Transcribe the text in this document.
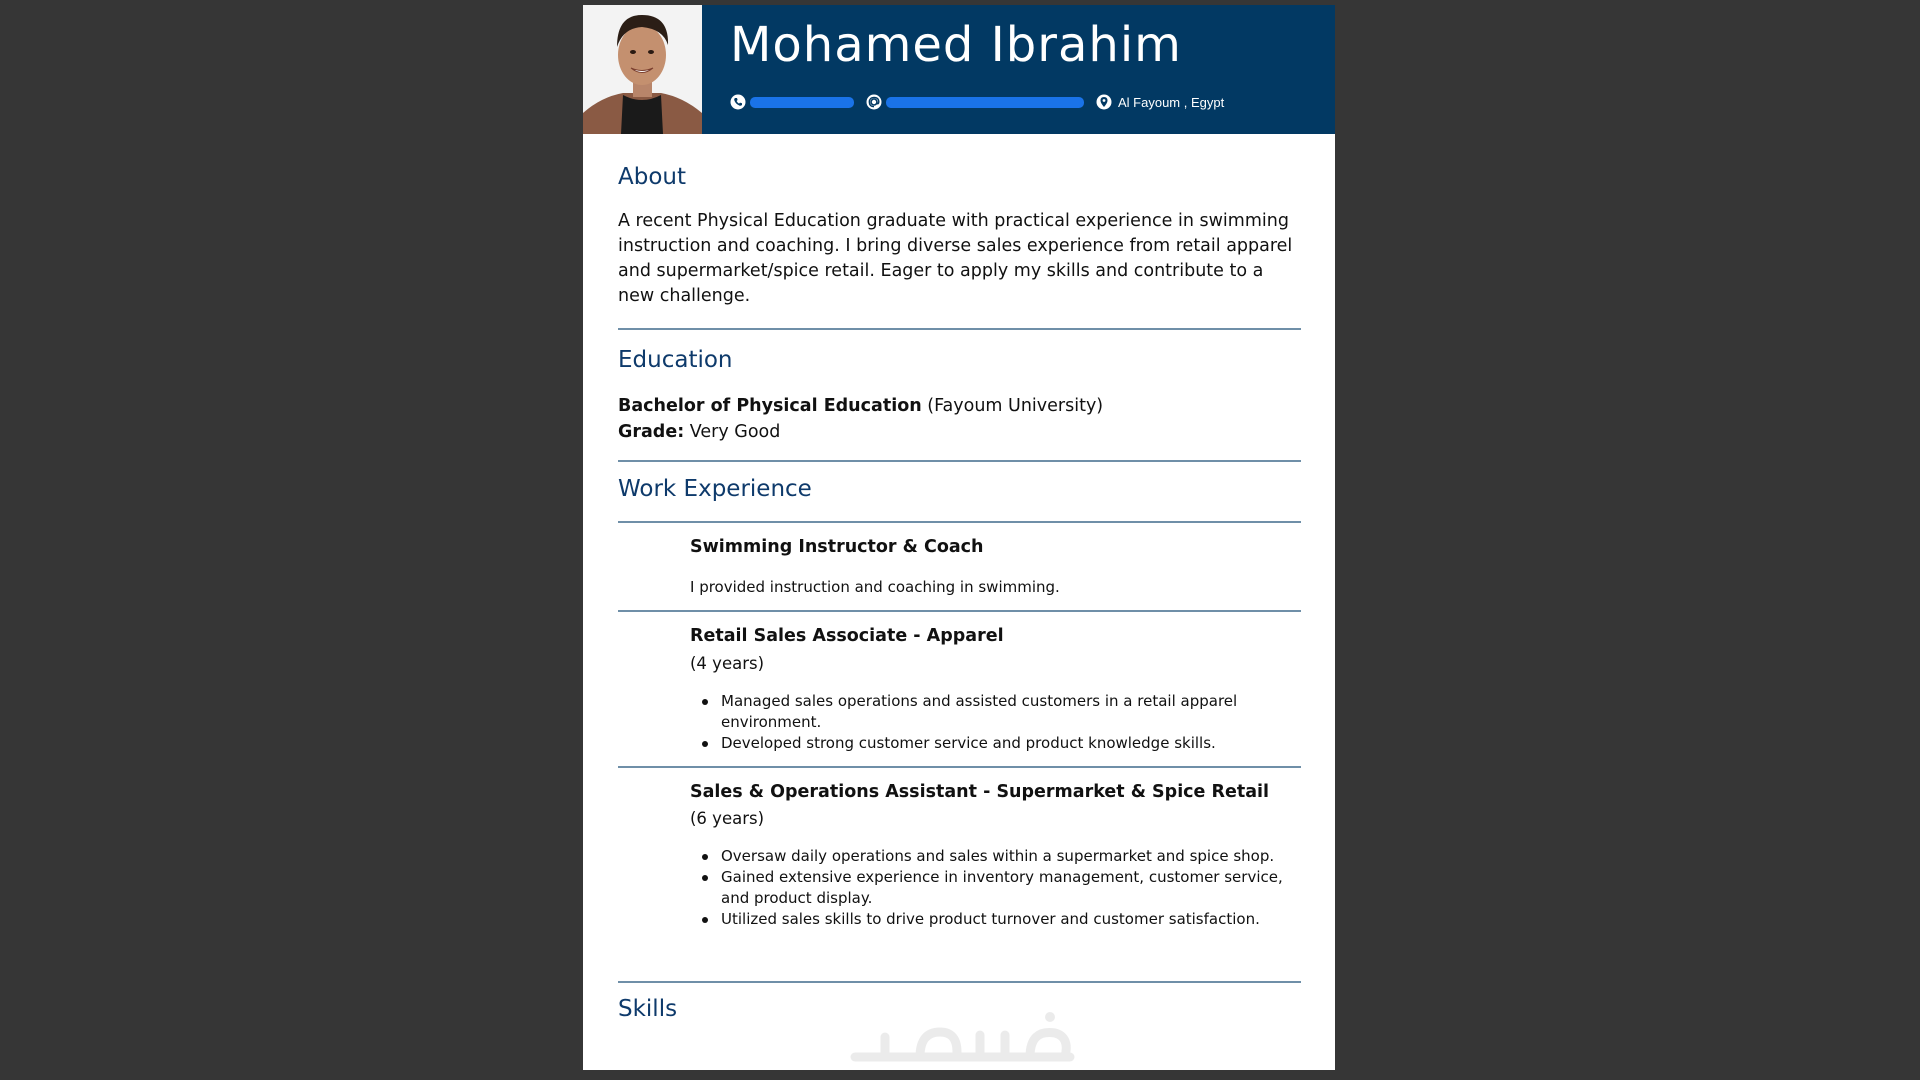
Mohamed Ibrahim
Al Fayoum , Egypt
About

A recent Physical Education graduate with practical experience in swimming instruction and coaching. I bring diverse sales experience from retail apparel and supermarket/spice retail. Eager to apply my skills and contribute to a new challenge.

Education
Bachelor of Physical Education (Fayoum University)
Grade: Very Good
Work Experience
Swimming Instructor & Coach
I provided instruction and coaching in swimming.
Retail Sales Associate - Apparel
(4 years)
Managed sales operations and assisted customers in a retail apparel environment.
Developed strong customer service and product knowledge skills.
Sales & Operations Assistant - Supermarket & Spice Retail
(6 years)
Oversaw daily operations and sales within a supermarket and spice shop.
Gained extensive experience in inventory management, customer service, and product display.
Utilized sales skills to drive product turnover and customer satisfaction.
Skills
